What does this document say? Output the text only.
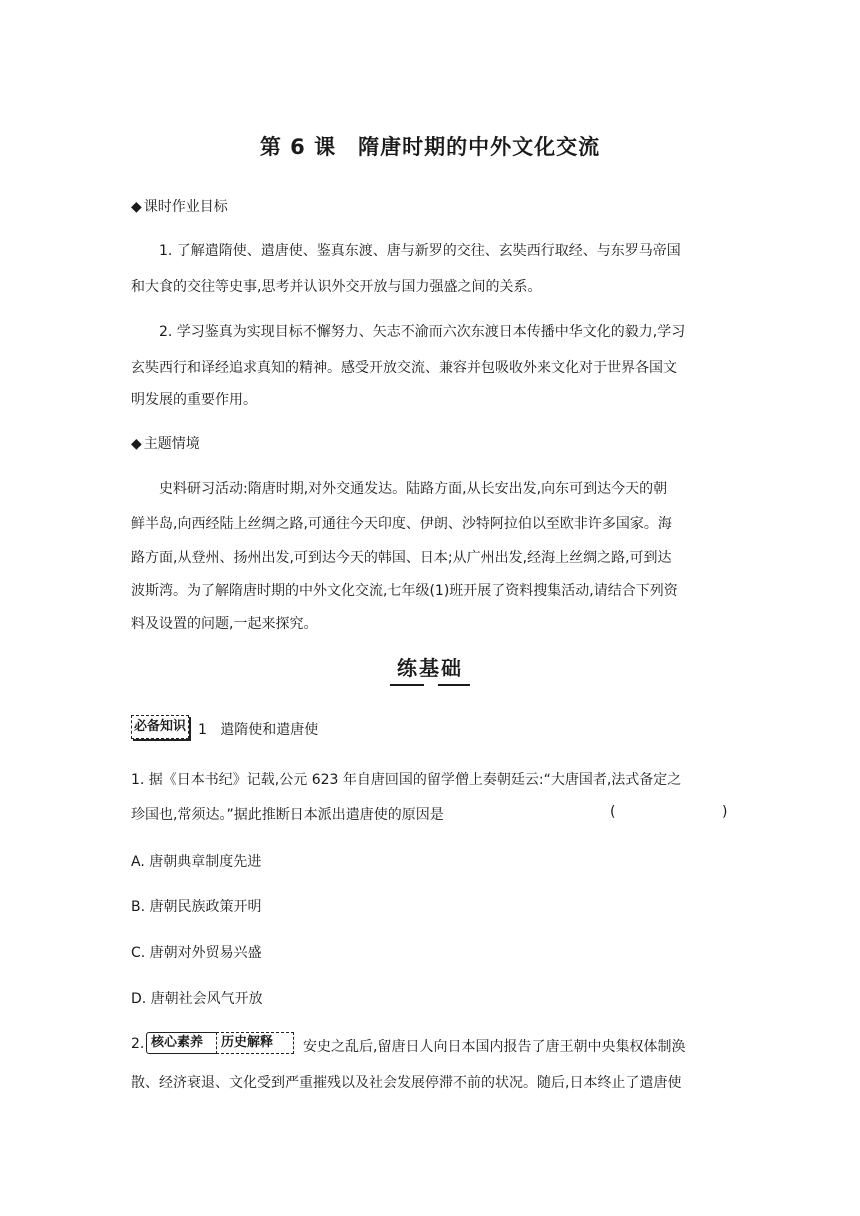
第 6 课 隋唐时期的中外文化交流
◆ 课时作业目标
1. 了解遣隋使、遣唐使、鉴真东渡、唐与新罗的交往、玄奘西行取经、与东罗马帝国
和大食的交往等史事,思考并认识外交开放与国力强盛之间的关系。
2. 学习鉴真为实现目标不懈努力、矢志不渝而六次东渡日本传播中华文化的毅力,学习
玄奘西行和译经追求真知的精神。感受开放交流、兼容并包吸收外来文化对于世界各国文
明发展的重要作用。
◆ 主题情境
史料研习活动:隋唐时期,对外交通发达。陆路方面,从长安出发,向东可到达今天的朝
鲜半岛,向西经陆上丝绸之路,可通往今天印度、伊朗、沙特阿拉伯以至欧非许多国家。海
路方面,从登州、扬州出发,可到达今天的韩国、日本;从广州出发,经海上丝绸之路,可到达
波斯湾。为了解隋唐时期的中外文化交流,七年级(1)班开展了资料搜集活动,请结合下列资
料及设置的问题,一起来探究。
练基础
必备知识 1 遣隋使和遣唐使
1. 据《日本书纪》记载,公元 623 年自唐回国的留学僧上奏朝廷云:“大唐国者,法式备定之
珍国也,常须达。”据此推断日本派出遣唐使的原因是	(	)
A. 唐朝典章制度先进
B. 唐朝民族政策开明
C. 唐朝对外贸易兴盛
D. 唐朝社会风气开放
2. 核心素养	历史解释	安史之乱后,留唐日人向日本国内报告了唐王朝中央集权体制涣
散、经济衰退、文化受到严重摧残以及社会发展停滞不前的状况。随后,日本终止了遣唐使
